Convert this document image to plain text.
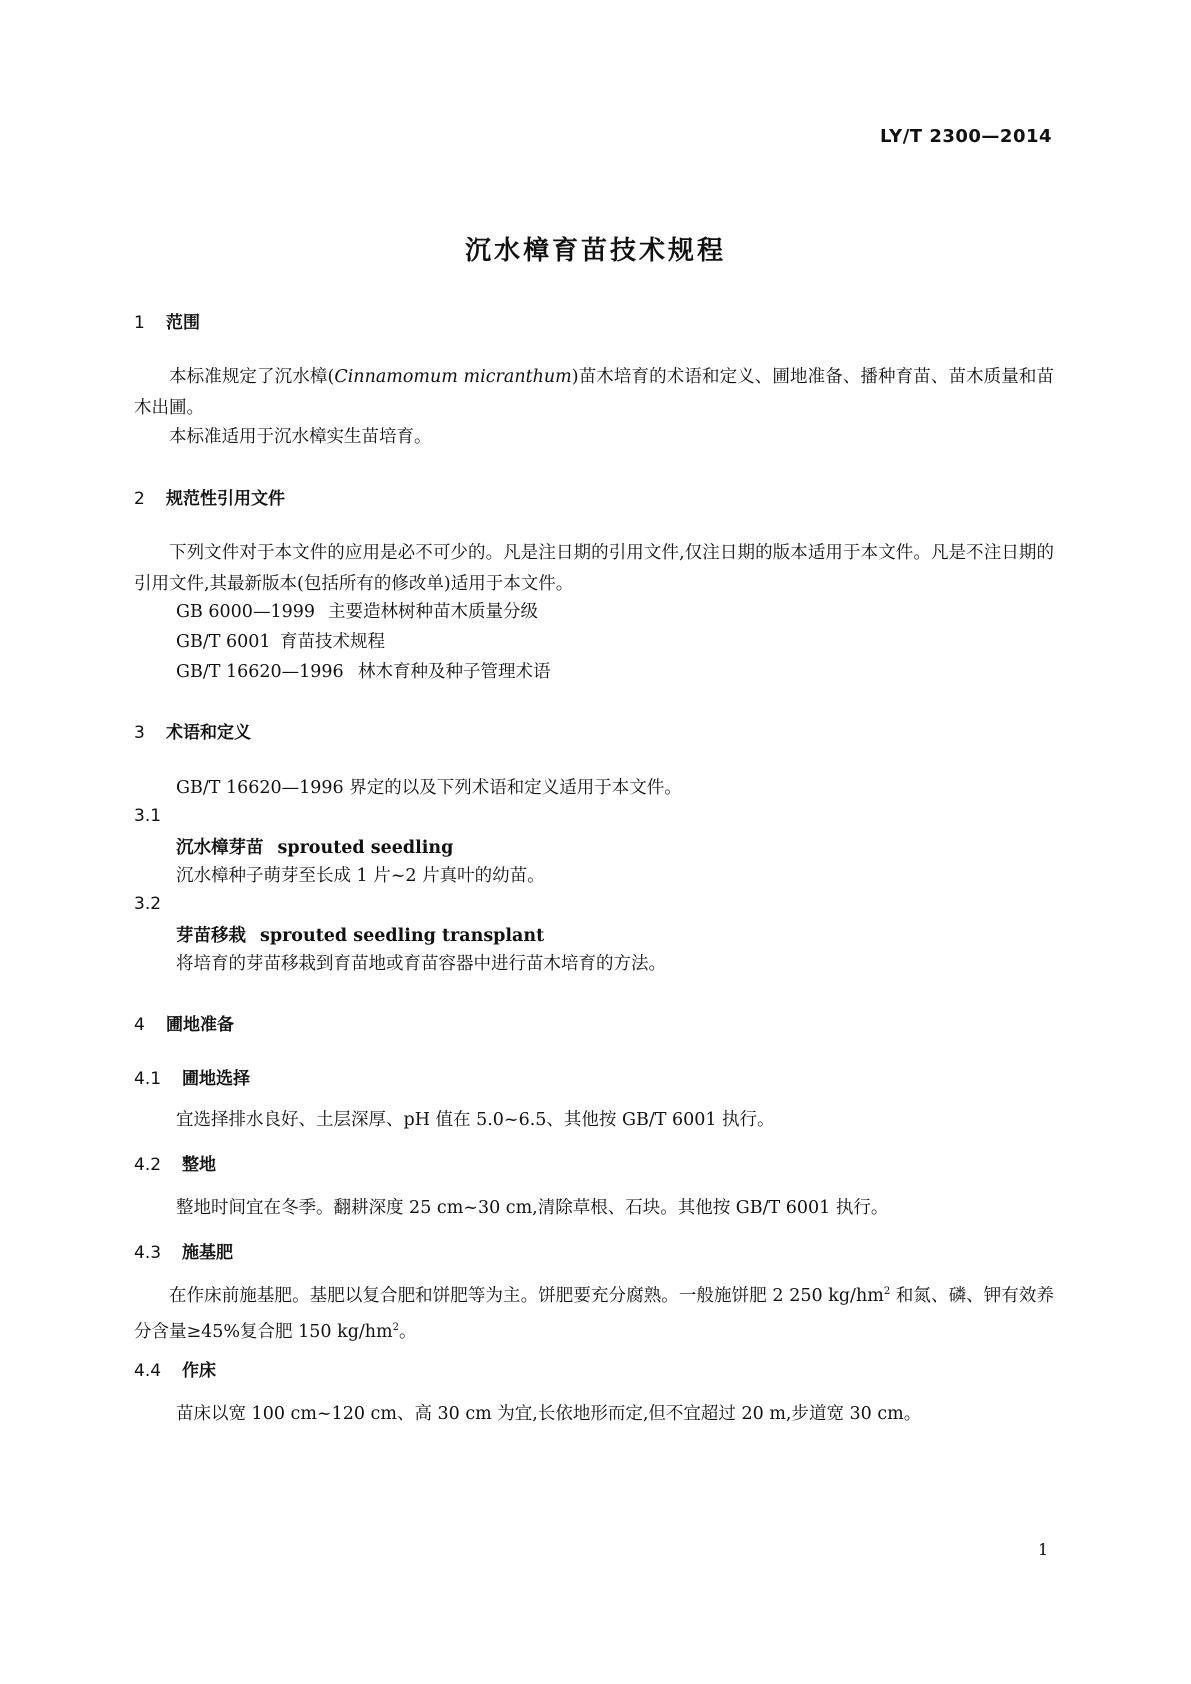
LY/T 2300—2014
沉水樟育苗技术规程
1 范围

本标准规定了沉水樟(Cinnamomum micranthum)苗木培育的术语和定义、圃地准备、播种育苗、苗木质量和苗木出圃。

本标准适用于沉水樟实生苗培育。

2 规范性引用文件

下列文件对于本文件的应用是必不可少的。凡是注日期的引用文件,仅注日期的版本适用于本文件。凡是不注日期的引用文件,其最新版本(包括所有的修改单)适用于本文件。

GB 6000—1999 主要造林树种苗木质量分级
GB/T 6001 育苗技术规程
GB/T 16620—1996 林木育种及种子管理术语
3 术语和定义
GB/T 16620—1996 界定的以及下列术语和定义适用于本文件。
3.1
沉水樟芽苗 sprouted seedling
沉水樟种子萌芽至长成 1 片~2 片真叶的幼苗。
3.2
芽苗移栽 sprouted seedling transplant
将培育的芽苗移栽到育苗地或育苗容器中进行苗木培育的方法。
4 圃地准备
4.1 圃地选择
宜选择排水良好、土层深厚、pH 值在 5.0~6.5、其他按 GB/T 6001 执行。
4.2 整地
整地时间宜在冬季。翻耕深度 25 cm~30 cm,清除草根、石块。其他按 GB/T 6001 执行。
4.3 施基肥

在作床前施基肥。基肥以复合肥和饼肥等为主。饼肥要充分腐熟。一般施饼肥 2 250 $kg/hm^2$ 和氮、磷、钾有效养分含量≥45%复合肥 150 $kg/hm^2$。

4.4 作床
苗床以宽 100 cm~120 cm、高 30 cm 为宜,长依地形而定,但不宜超过 20 m,步道宽 30 cm。
1
